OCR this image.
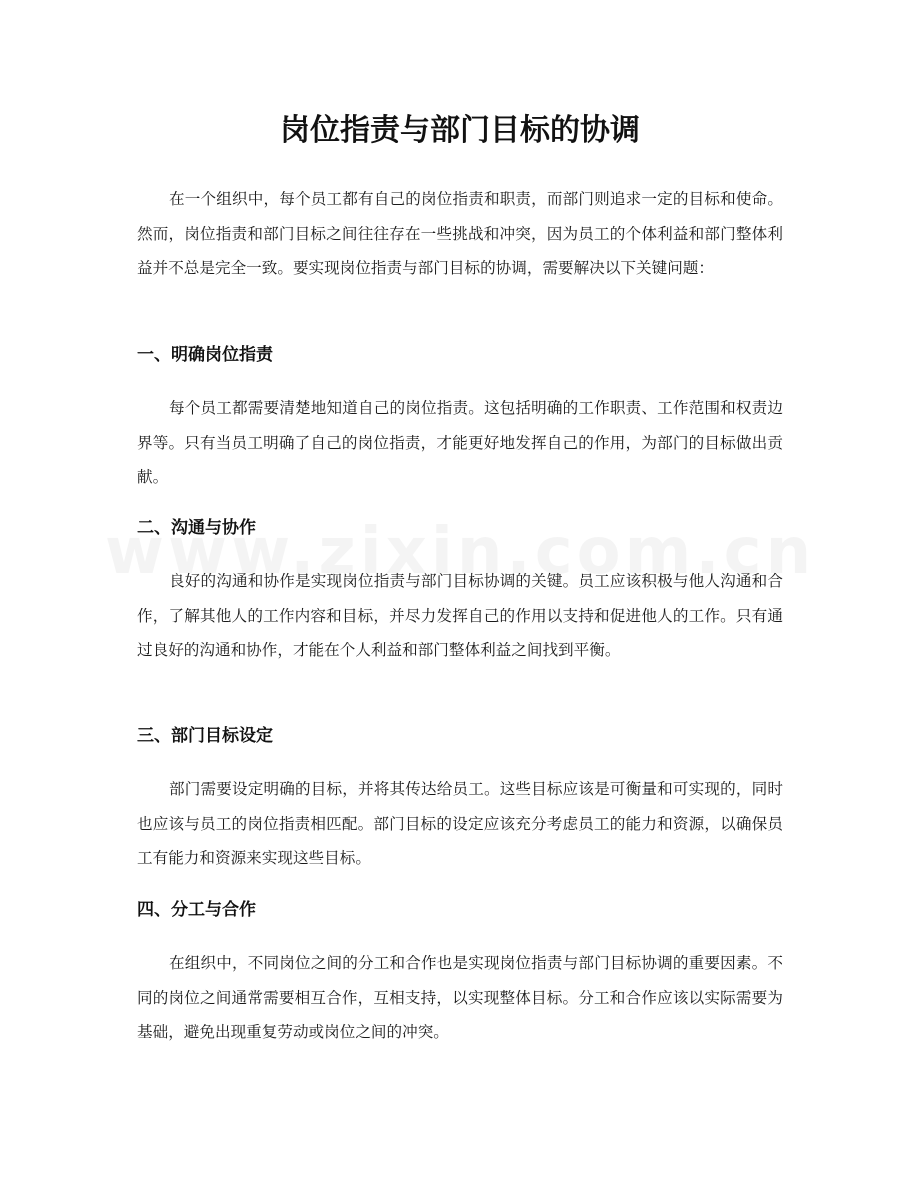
岗位指责与部门目标的协调

在一个组织中，每个员工都有自己的岗位指责和职责，而部门则追求一定的目标和使命。然而，岗位指责和部门目标之间往往存在一些挑战和冲突，因为员工的个体利益和部门整体利益并不总是完全一致。要实现岗位指责与部门目标的协调，需要解决以下关键问题：

一、明确岗位指责

每个员工都需要清楚地知道自己的岗位指责。这包括明确的工作职责、工作范围和权责边界等。只有当员工明确了自己的岗位指责，才能更好地发挥自己的作用，为部门的目标做出贡献。

二、沟通与协作

良好的沟通和协作是实现岗位指责与部门目标协调的关键。员工应该积极与他人沟通和合作，了解其他人的工作内容和目标，并尽力发挥自己的作用以支持和促进他人的工作。只有通过良好的沟通和协作，才能在个人利益和部门整体利益之间找到平衡。

三、部门目标设定

部门需要设定明确的目标，并将其传达给员工。这些目标应该是可衡量和可实现的，同时也应该与员工的岗位指责相匹配。部门目标的设定应该充分考虑员工的能力和资源，以确保员工有能力和资源来实现这些目标。

四、分工与合作

在组织中，不同岗位之间的分工和合作也是实现岗位指责与部门目标协调的重要因素。不同的岗位之间通常需要相互合作，互相支持，以实现整体目标。分工和合作应该以实际需要为基础，避免出现重复劳动或岗位之间的冲突。
